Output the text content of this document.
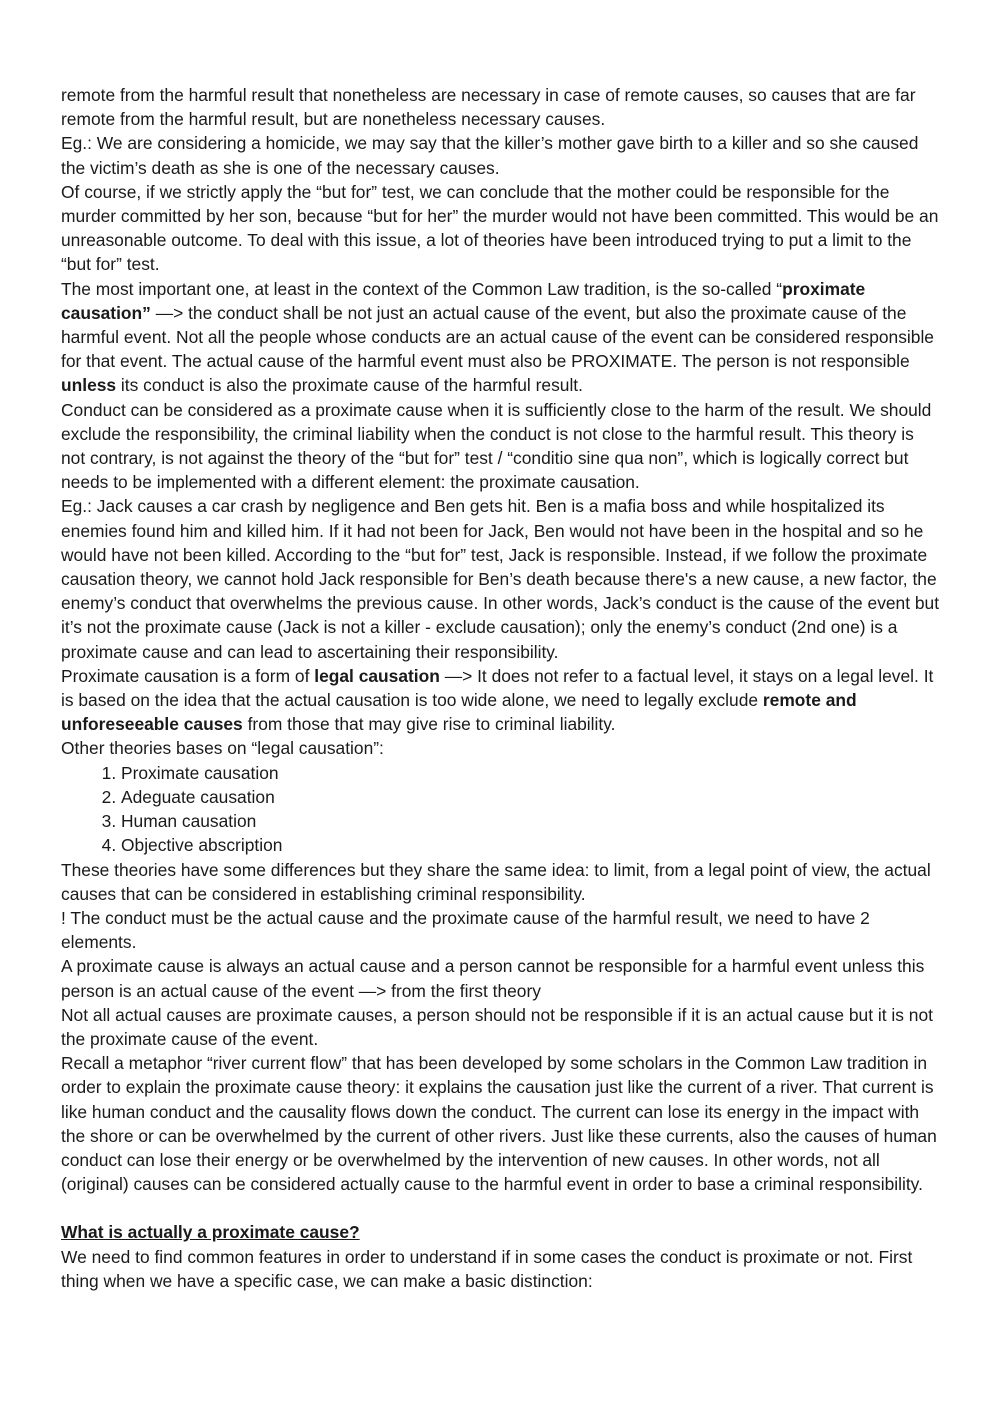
remote from the harmful result that nonetheless are necessary in case of remote causes, so causes that are far remote from the harmful result, but are nonetheless necessary causes.

Eg.: We are considering a homicide, we may say that the killer’s mother gave birth to a killer and so she caused the victim’s death as she is one of the necessary causes.

Of course, if we strictly apply the “but for” test, we can conclude that the mother could be responsible for the murder committed by her son, because “but for her” the murder would not have been committed. This would be an unreasonable outcome. To deal with this issue, a lot of theories have been introduced trying to put a limit to the “but for” test.

The most important one, at least in the context of the Common Law tradition, is the so-called “proximate causation” —> the conduct shall be not just an actual cause of the event, but also the proximate cause of the harmful event. Not all the people whose conducts are an actual cause of the event can be considered responsible for that event. The actual cause of the harmful event must also be PROXIMATE. The person is not responsible unless its conduct is also the proximate cause of the harmful result.

Conduct can be considered as a proximate cause when it is sufficiently close to the harm of the result. We should exclude the responsibility, the criminal liability when the conduct is not close to the harmful result. This theory is not contrary, is not against the theory of the “but for” test / “conditio sine qua non”, which is logically correct but needs to be implemented with a different element: the proximate causation.

Eg.: Jack causes a car crash by negligence and Ben gets hit. Ben is a mafia boss and while hospitalized its enemies found him and killed him. If it had not been for Jack, Ben would not have been in the hospital and so he would have not been killed. According to the “but for” test, Jack is responsible. Instead, if we follow the proximate causation theory, we cannot hold Jack responsible for Ben’s death because there's a new cause, a new factor, the enemy’s conduct that overwhelms the previous cause. In other words, Jack’s conduct is the cause of the event but it’s not the proximate cause (Jack is not a killer - exclude causation); only the enemy’s conduct (2nd one) is a proximate cause and can lead to ascertaining their responsibility.

Proximate causation is a form of legal causation —> It does not refer to a factual level, it stays on a legal level. It is based on the idea that the actual causation is too wide alone, we need to legally exclude remote and unforeseeable causes from those that may give rise to criminal liability.

Other theories bases on “legal causation”:

1. Proximate causation
2. Adeguate causation
3. Human causation
4. Objective abscription

These theories have some differences but they share the same idea: to limit, from a legal point of view, the actual causes that can be considered in establishing criminal responsibility.

! The conduct must be the actual cause and the proximate cause of the harmful result, we need to have 2 elements.

A proximate cause is always an actual cause and a person cannot be responsible for a harmful event unless this person is an actual cause of the event —> from the first theory

Not all actual causes are proximate causes, a person should not be responsible if it is an actual cause but it is not the proximate cause of the event.

Recall a metaphor “river current flow” that has been developed by some scholars in the Common Law tradition in order to explain the proximate cause theory: it explains the causation just like the current of a river. That current is like human conduct and the causality flows down the conduct. The current can lose its energy in the impact with the shore or can be overwhelmed by the current of other rivers. Just like these currents, also the causes of human conduct can lose their energy or be overwhelmed by the intervention of new causes. In other words, not all (original) causes can be considered actually cause to the harmful event in order to base a criminal responsibility.

What is actually a proximate cause?

We need to find common features in order to understand if in some cases the conduct is proximate or not. First thing when we have a specific case, we can make a basic distinction:
